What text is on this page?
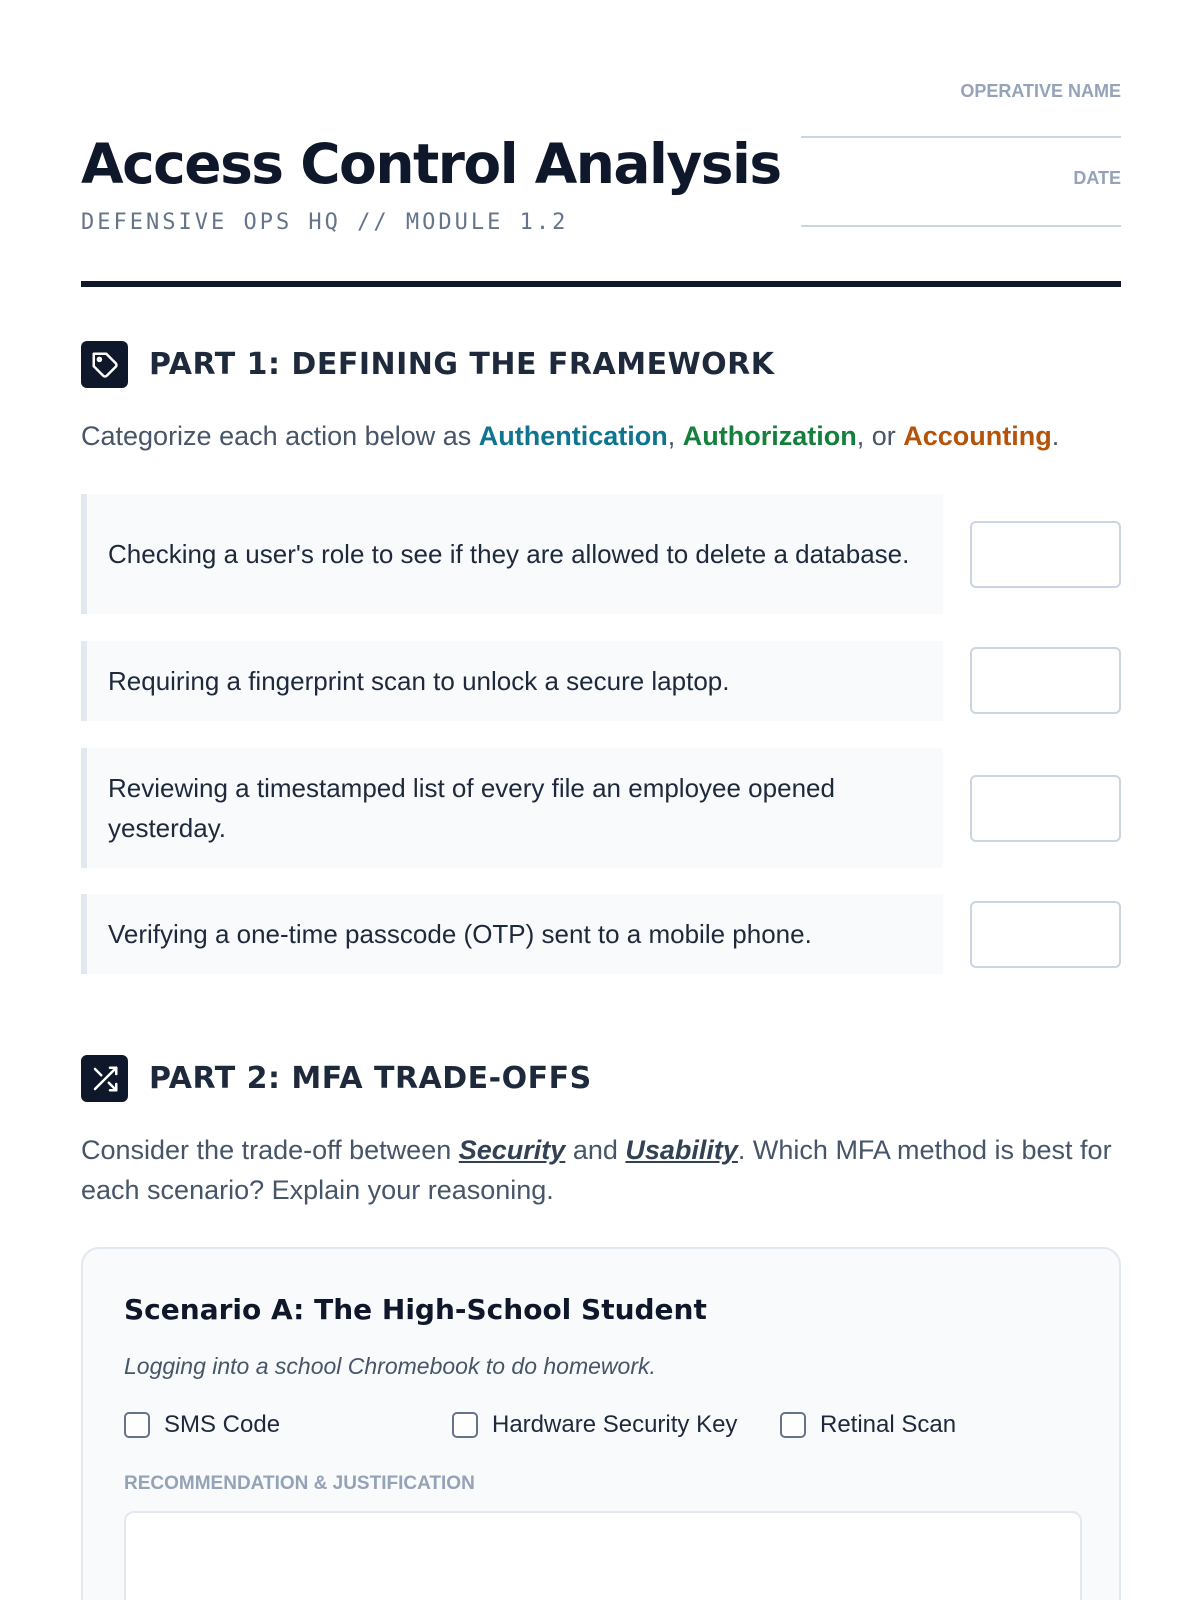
Access Control Analysis
DEFENSIVE OPS HQ // MODULE 1.2
OPERATIVE NAME
DATE
PART 1: DEFINING THE FRAMEWORK

Categorize each action below as Authentication, Authorization, or Accounting.

Checking a user's role to see if they are allowed to delete a database.
Requiring a fingerprint scan to unlock a secure laptop.
Reviewing a timestamped list of every file an employee opened yesterday.
Verifying a one-time passcode (OTP) sent to a mobile phone.
PART 2: MFA TRADE-OFFS

Consider the trade-off between Security and Usability. Which MFA method is best for each scenario? Explain your reasoning.

Scenario A: The High-School Student

Logging into a school Chromebook to do homework.

SMS Code	Hardware Security Key	Retinal Scan
RECOMMENDATION & JUSTIFICATION
